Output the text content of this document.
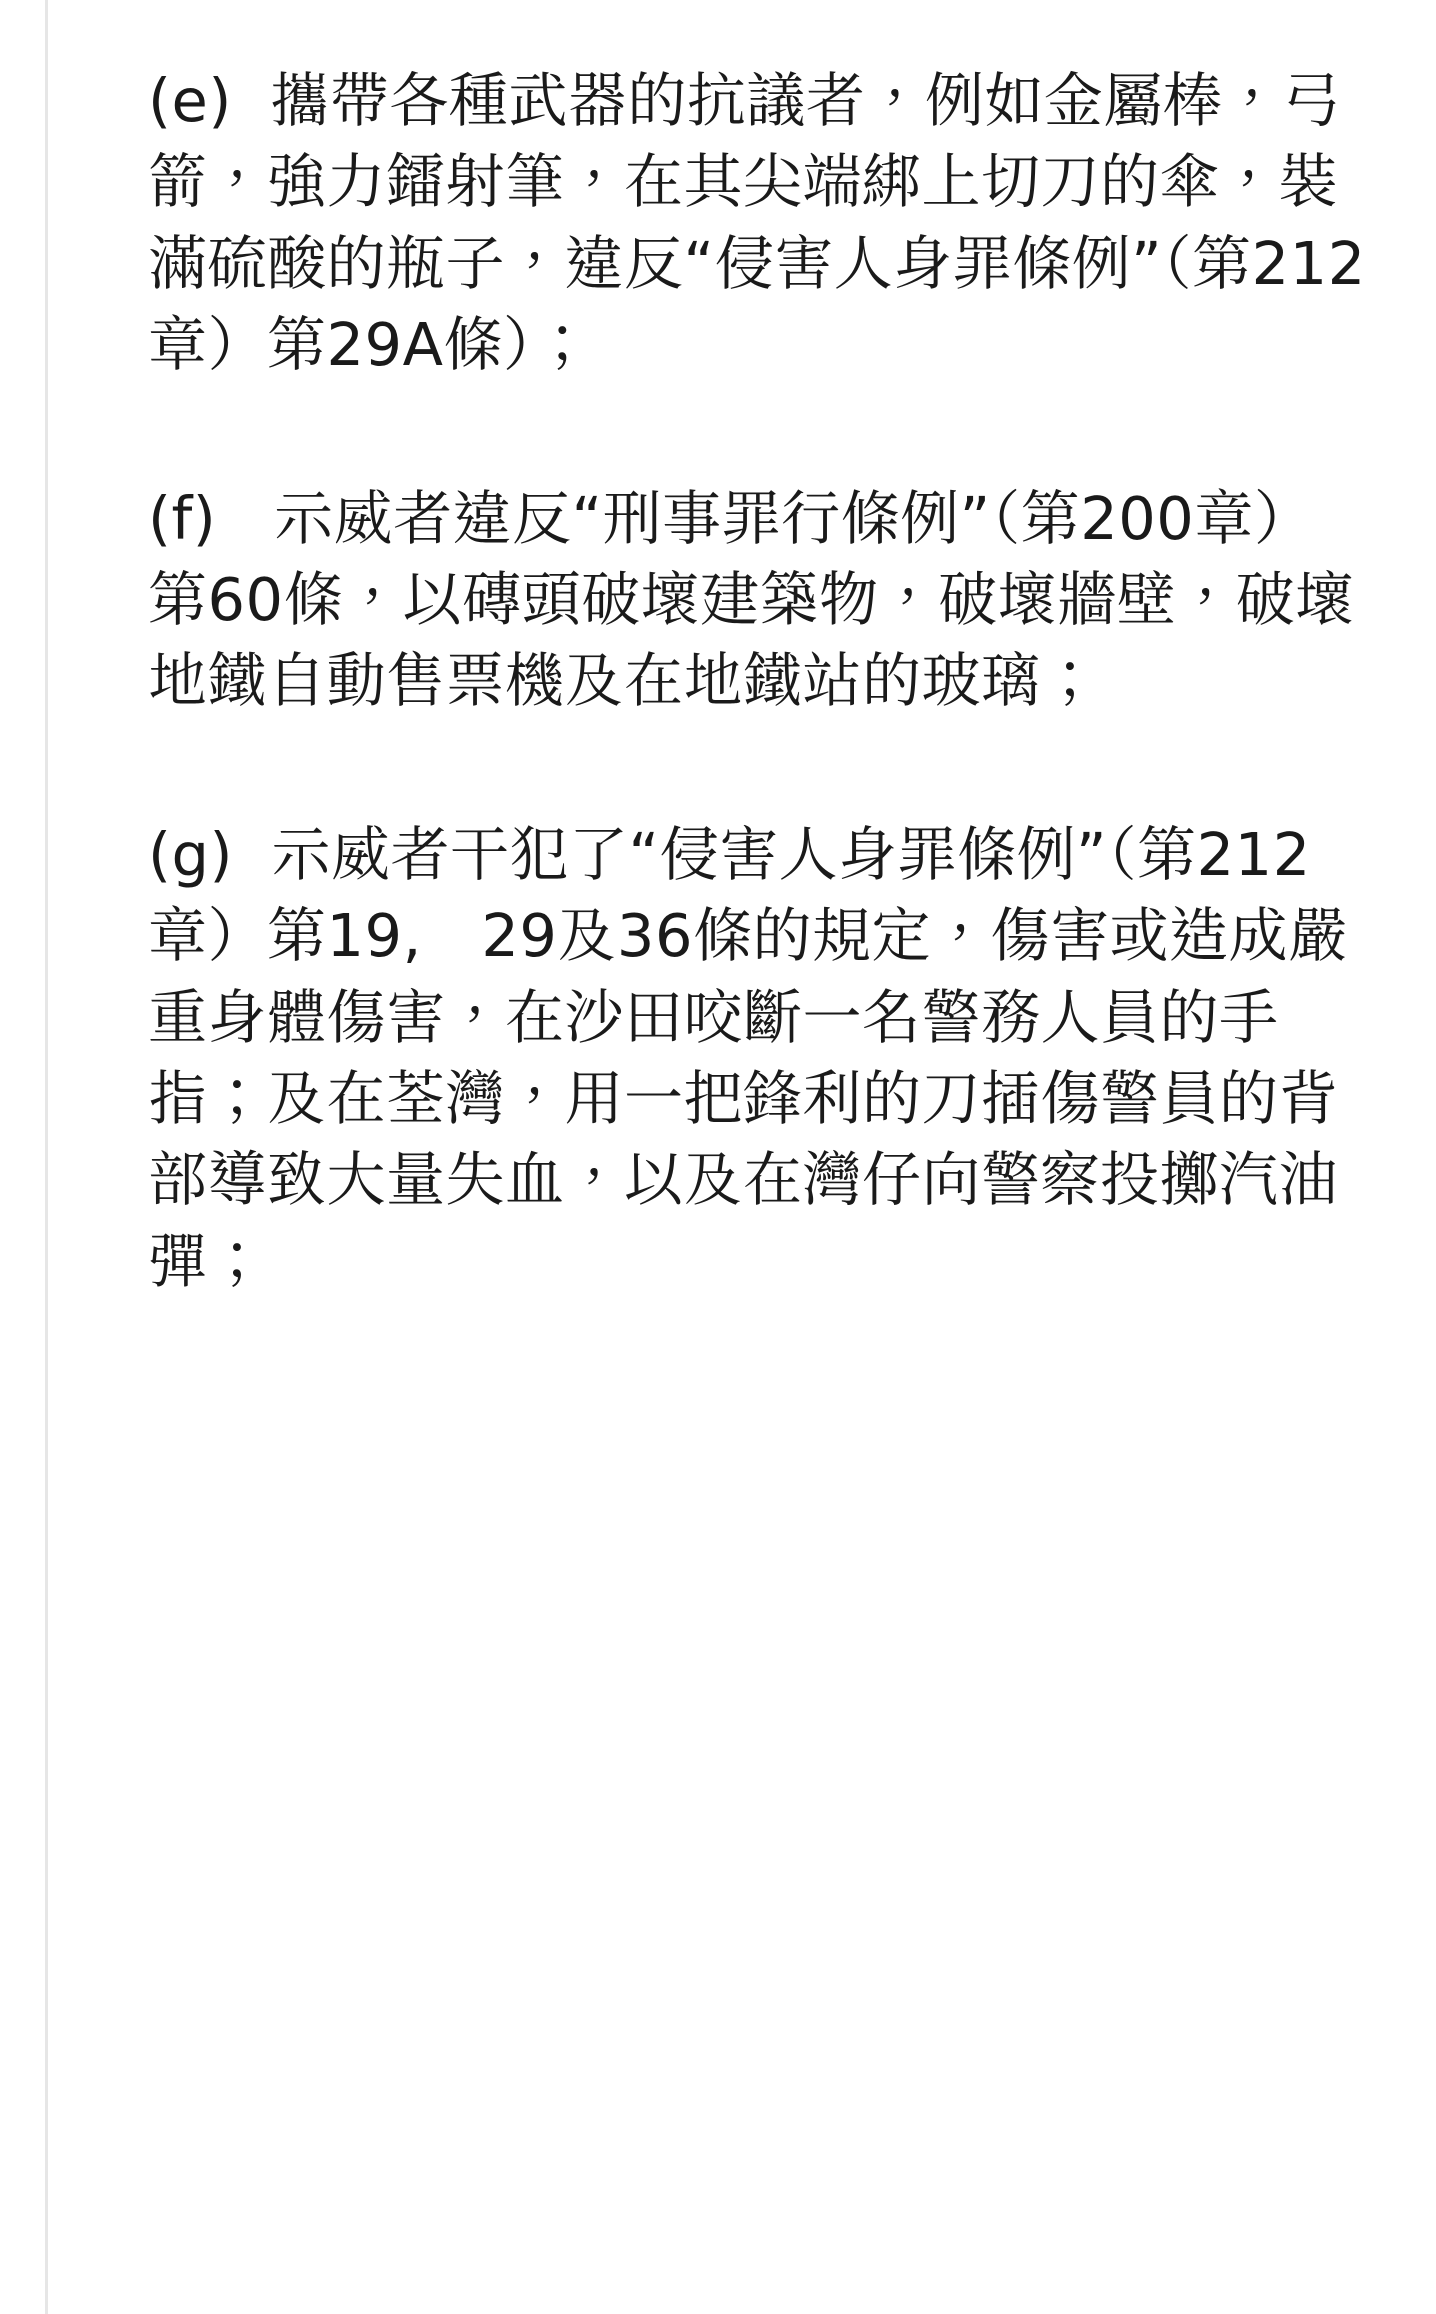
(e)  攜帶各種武器的抗議者，例如金屬棒，弓箭，強力鐳射筆，在其尖端綁上切刀的傘，裝滿硫酸的瓶子，違反“侵害人身罪條例”（第212章）第29A條）；

(f)   示威者違反“刑事罪行條例”（第200章）第60條，以磚頭破壞建築物，破壞牆壁，破壞地鐵自動售票機及在地鐵站的玻璃；

(g)  示威者干犯了“侵害人身罪條例”（第212章）第19,　29及36條的規定，傷害或造成嚴重身體傷害，在沙田咬斷一名警務人員的手指；及在荃灣，用一把鋒利的刀插傷警員的背部導致大量失血，以及在灣仔向警察投擲汽油彈；
